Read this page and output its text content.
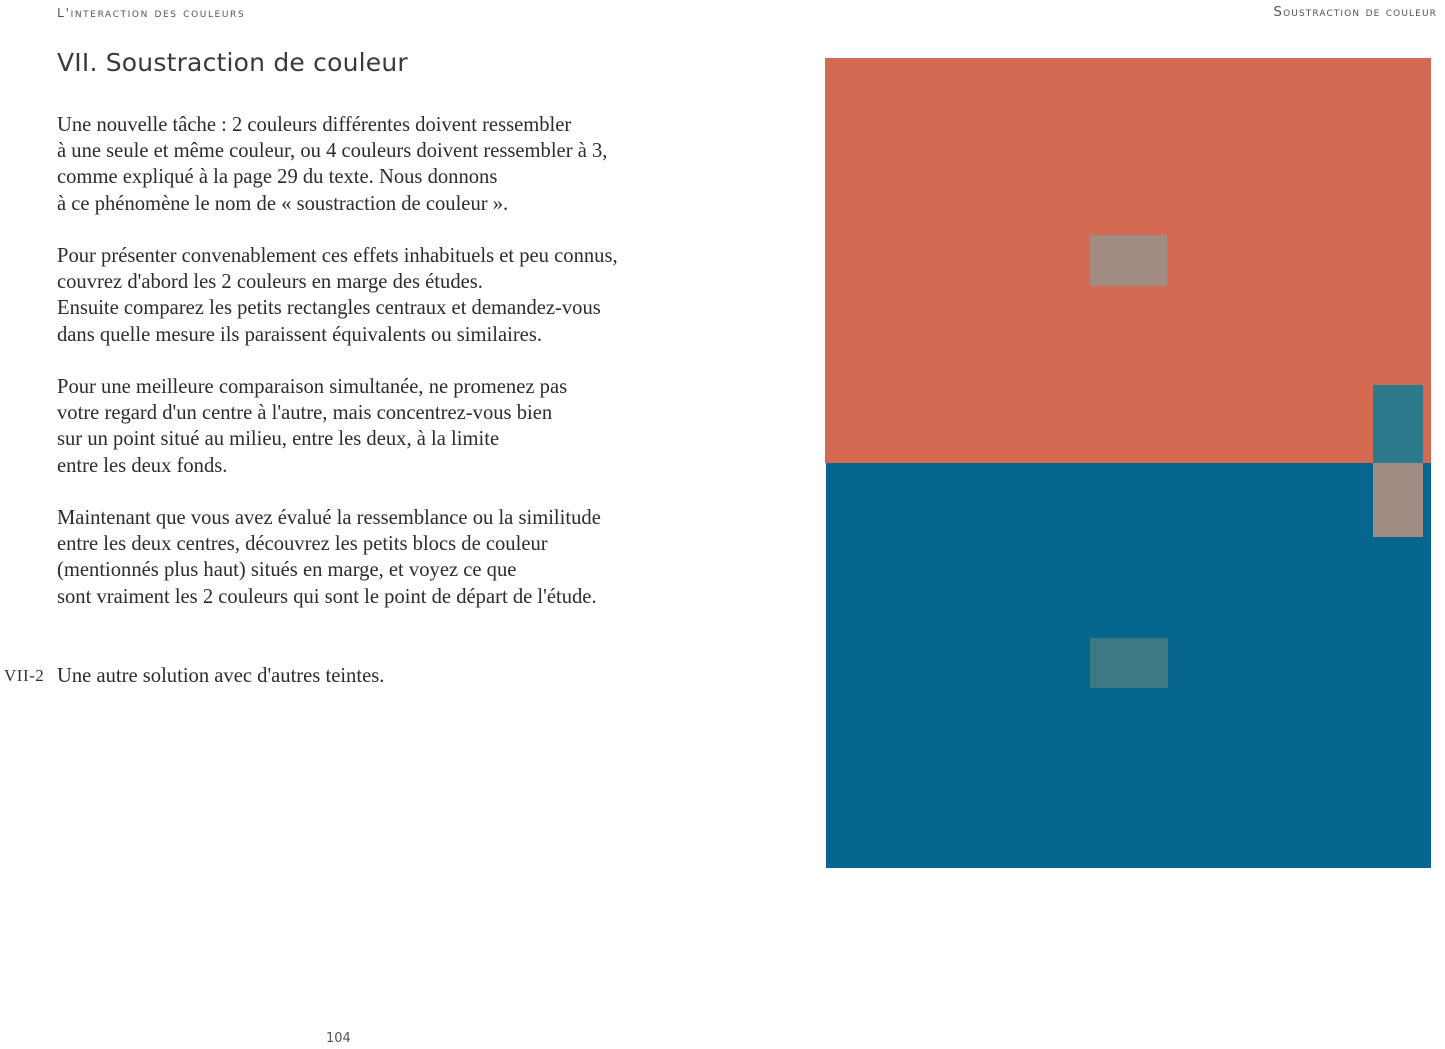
L'interaction des couleurs	Soustraction de couleur
VII. Soustraction de couleur

Une nouvelle tâche : 2 couleurs différentes doivent ressembler
à une seule et même couleur, ou 4 couleurs doivent ressembler à 3,
comme expliqué à la page 29 du texte. Nous donnons
à ce phénomène le nom de « soustraction de couleur ».

Pour présenter convenablement ces effets inhabituels et peu connus,
couvrez d'abord les 2 couleurs en marge des études.
Ensuite comparez les petits rectangles centraux et demandez-vous
dans quelle mesure ils paraissent équivalents ou similaires.

Pour une meilleure comparaison simultanée, ne promenez pas
votre regard d'un centre à l'autre, mais concentrez-vous bien
sur un point situé au milieu, entre les deux, à la limite
entre les deux fonds.

Maintenant que vous avez évalué la ressemblance ou la similitude
entre les deux centres, découvrez les petits blocs de couleur
(mentionnés plus haut) situés en marge, et voyez ce que
sont vraiment les 2 couleurs qui sont le point de départ de l'étude.

VII-2 Une autre solution avec d'autres teintes.
104
